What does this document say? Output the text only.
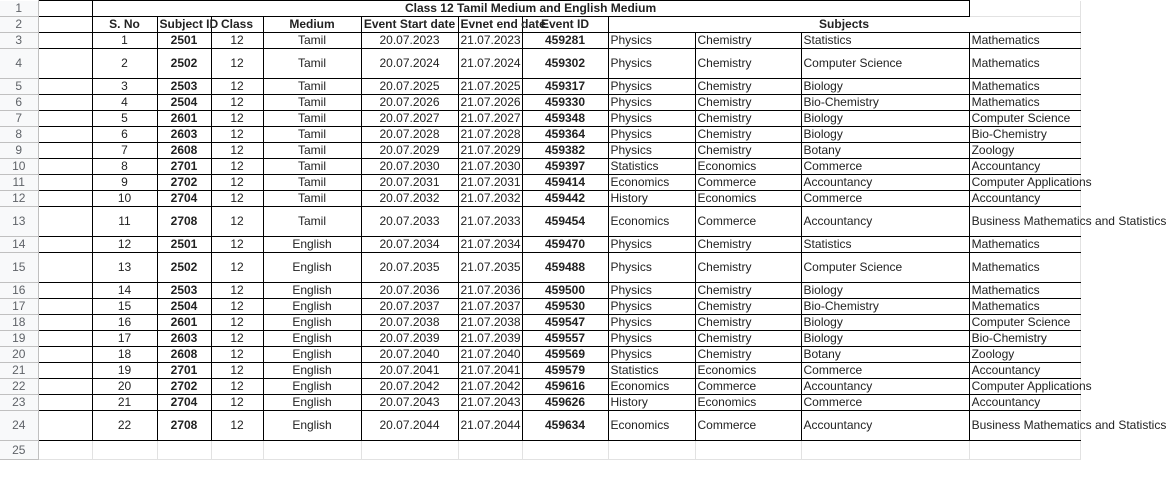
1		Class 12 Tamil Medium and English Medium											
2		S. No	Subject ID	Class	Medium	Event Start date	Evnet end date	Event ID	Subjects				
3		1	2501	12	Tamil	20.07.2023	21.07.2023	459281	Physics	Chemistry	Statistics	Mathematics	
4		2	2502	12	Tamil	20.07.2024	21.07.2024	459302	Physics	Chemistry	Computer Science	Mathematics	
5		3	2503	12	Tamil	20.07.2025	21.07.2025	459317	Physics	Chemistry	Biology	Mathematics	
6		4	2504	12	Tamil	20.07.2026	21.07.2026	459330	Physics	Chemistry	Bio-Chemistry	Mathematics	
7		5	2601	12	Tamil	20.07.2027	21.07.2027	459348	Physics	Chemistry	Biology	Computer Science	
8		6	2603	12	Tamil	20.07.2028	21.07.2028	459364	Physics	Chemistry	Biology	Bio-Chemistry	
9		7	2608	12	Tamil	20.07.2029	21.07.2029	459382	Physics	Chemistry	Botany	Zoology	
10		8	2701	12	Tamil	20.07.2030	21.07.2030	459397	Statistics	Economics	Commerce	Accountancy	
11		9	2702	12	Tamil	20.07.2031	21.07.2031	459414	Economics	Commerce	Accountancy	Computer Applications	
12		10	2704	12	Tamil	20.07.2032	21.07.2032	459442	History	Economics	Commerce	Accountancy	
13		11	2708	12	Tamil	20.07.2033	21.07.2033	459454	Economics	Commerce	Accountancy	Business Mathematics and Statistics	
14		12	2501	12	English	20.07.2034	21.07.2034	459470	Physics	Chemistry	Statistics	Mathematics	
15		13	2502	12	English	20.07.2035	21.07.2035	459488	Physics	Chemistry	Computer Science	Mathematics	
16		14	2503	12	English	20.07.2036	21.07.2036	459500	Physics	Chemistry	Biology	Mathematics	
17		15	2504	12	English	20.07.2037	21.07.2037	459530	Physics	Chemistry	Bio-Chemistry	Mathematics	
18		16	2601	12	English	20.07.2038	21.07.2038	459547	Physics	Chemistry	Biology	Computer Science	
19		17	2603	12	English	20.07.2039	21.07.2039	459557	Physics	Chemistry	Biology	Bio-Chemistry	
20		18	2608	12	English	20.07.2040	21.07.2040	459569	Physics	Chemistry	Botany	Zoology	
21		19	2701	12	English	20.07.2041	21.07.2041	459579	Statistics	Economics	Commerce	Accountancy	
22		20	2702	12	English	20.07.2042	21.07.2042	459616	Economics	Commerce	Accountancy	Computer Applications	
23		21	2704	12	English	20.07.2043	21.07.2043	459626	History	Economics	Commerce	Accountancy	
24		22	2708	12	English	20.07.2044	21.07.2044	459634	Economics	Commerce	Accountancy	Business Mathematics and Statistics	
25													
